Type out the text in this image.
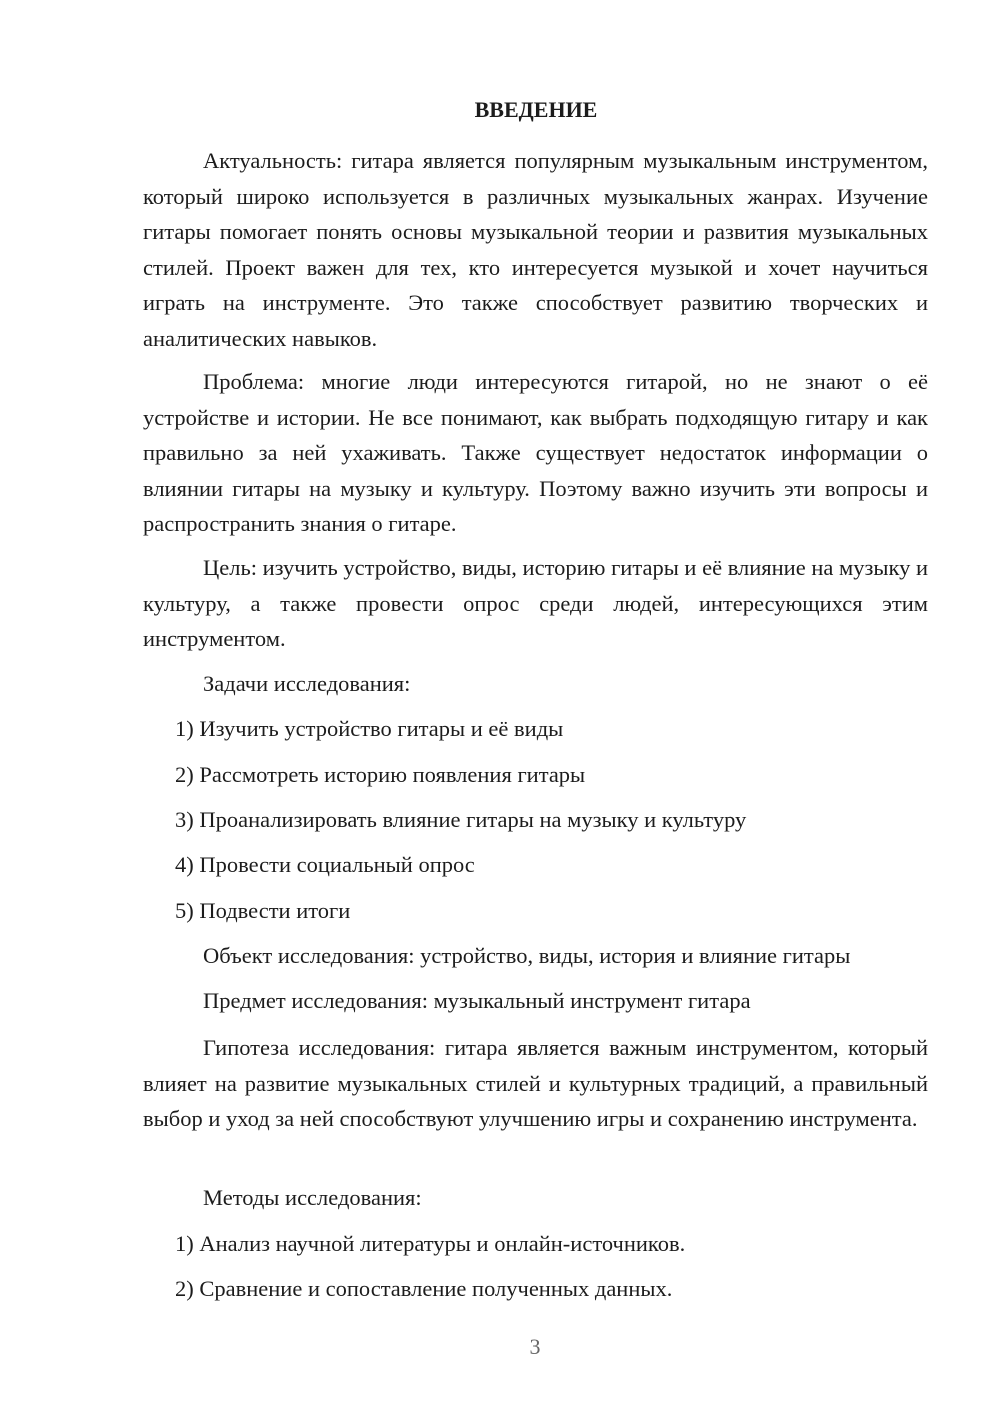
ВВЕДЕНИЕ

Актуальность: гитара является популярным музыкальным инструментом, который широко используется в различных музыкальных жанрах. Изучение гитары помогает понять основы музыкальной теории и развития музыкальных стилей. Проект важен для тех, кто интересуется музыкой и хочет научиться играть на инструменте. Это также способствует развитию творческих и аналитических навыков.

Проблема: многие люди интересуются гитарой, но не знают о её устройстве и истории. Не все понимают, как выбрать подходящую гитару и как правильно за ней ухаживать. Также существует недостаток информации о влиянии гитары на музыку и культуру. Поэтому важно изучить эти вопросы и распространить знания о гитаре.

Цель: изучить устройство, виды, историю гитары и её влияние на музыку и культуру, а также провести опрос среди людей, интересующихся этим инструментом.

Задачи исследования:

1) Изучить устройство гитары и её виды

2) Рассмотреть историю появления гитары

3) Проанализировать влияние гитары на музыку и культуру

4) Провести социальный опрос

5) Подвести итоги

Объект исследования: устройство, виды, история и влияние гитары

Предмет исследования: музыкальный инструмент гитара

Гипотеза исследования: гитара является важным инструментом, который влияет на развитие музыкальных стилей и культурных традиций, а правильный выбор и уход за ней способствуют улучшению игры и сохранению инструмента.

Методы исследования:

1) Анализ научной литературы и онлайн-источников.

2) Сравнение и сопоставление полученных данных.

3
